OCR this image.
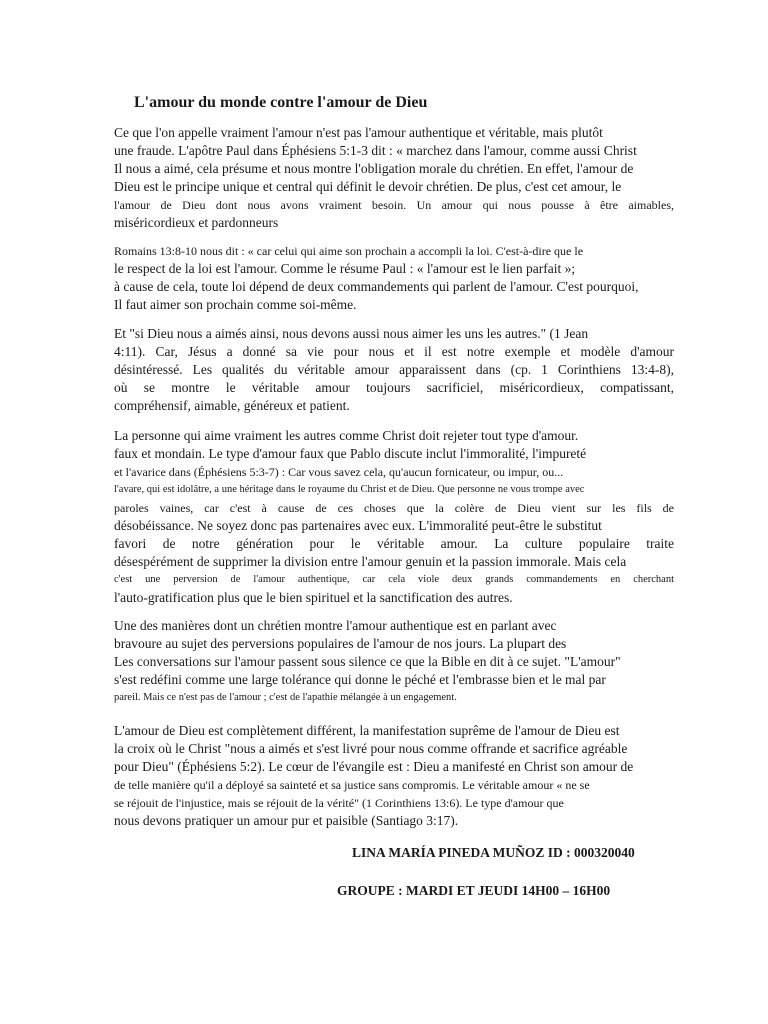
L'amour du monde contre l'amour de Dieu
Ce que l'on appelle vraiment l'amour n'est pas l'amour authentique et véritable, mais plutôt
une fraude. L'apôtre Paul dans Éphésiens 5:1-3 dit : « marchez dans l'amour, comme aussi Christ
Il nous a aimé, cela présume et nous montre l'obligation morale du chrétien. En effet, l'amour de
Dieu est le principe unique et central qui définit le devoir chrétien. De plus, c'est cet amour, le
l'amour de Dieu dont nous avons vraiment besoin. Un amour qui nous pousse à être aimables,
miséricordieux et pardonneurs
Romains 13:8-10 nous dit : « car celui qui aime son prochain a accompli la loi. C'est-à-dire que le
le respect de la loi est l'amour. Comme le résume Paul : « l'amour est le lien parfait »;
à cause de cela, toute loi dépend de deux commandements qui parlent de l'amour. C'est pourquoi,
Il faut aimer son prochain comme soi-même.
Et "si Dieu nous a aimés ainsi, nous devons aussi nous aimer les uns les autres." (1 Jean
4:11). Car, Jésus a donné sa vie pour nous et il est notre exemple et modèle d'amour
désintéressé. Les qualités du véritable amour apparaissent dans (cp. 1 Corinthiens 13:4-8),
où se montre le véritable amour toujours sacrificiel, miséricordieux, compatissant,
compréhensif, aimable, généreux et patient.
La personne qui aime vraiment les autres comme Christ doit rejeter tout type d'amour.
faux et mondain. Le type d'amour faux que Pablo discute inclut l'immoralité, l'impureté
et l'avarice dans (Éphésiens 5:3-7) : Car vous savez cela, qu'aucun fornicateur, ou impur, ou...
l'avare, qui est idolâtre, a une héritage dans le royaume du Christ et de Dieu. Que personne ne vous trompe avec
paroles vaines, car c'est à cause de ces choses que la colère de Dieu vient sur les fils de
désobéissance. Ne soyez donc pas partenaires avec eux. L'immoralité peut-être le substitut
favori de notre génération pour le véritable amour. La culture populaire traite
désespérément de supprimer la division entre l'amour genuin et la passion immorale. Mais cela
c'est une perversion de l'amour authentique, car cela viole deux grands commandements en cherchant
l'auto-gratification plus que le bien spirituel et la sanctification des autres.
Une des manières dont un chrétien montre l'amour authentique est en parlant avec
bravoure au sujet des perversions populaires de l'amour de nos jours. La plupart des
Les conversations sur l'amour passent sous silence ce que la Bible en dit à ce sujet. "L'amour"
s'est redéfini comme une large tolérance qui donne le péché et l'embrasse bien et le mal par
pareil. Mais ce n'est pas de l'amour ; c'est de l'apathie mélangée à un engagement.
L'amour de Dieu est complètement différent, la manifestation suprême de l'amour de Dieu est
la croix où le Christ "nous a aimés et s'est livré pour nous comme offrande et sacrifice agréable
pour Dieu" (Éphésiens 5:2). Le cœur de l'évangile est : Dieu a manifesté en Christ son amour de
de telle manière qu'il a déployé sa sainteté et sa justice sans compromis. Le véritable amour « ne se
se réjouit de l'injustice, mais se réjouit de la vérité" (1 Corinthiens 13:6). Le type d'amour que
nous devons pratiquer un amour pur et paisible (Santiago 3:17).

LINA MARÍA PINEDA MUÑOZ ID : 000320040

GROUPE : MARDI ET JEUDI 14H00 – 16H00
